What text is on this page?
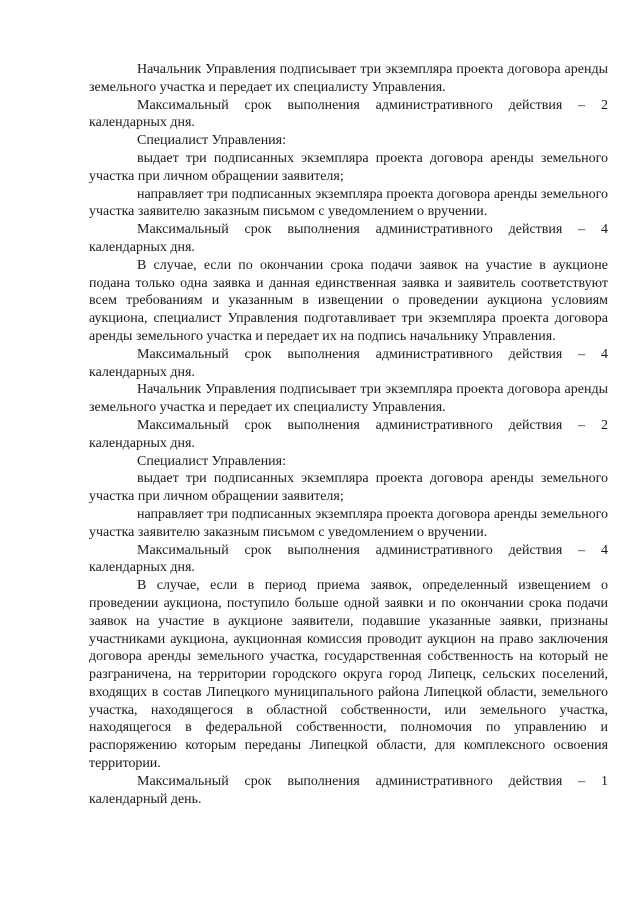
Начальник Управления подписывает три экземпляра проекта договора аренды земельного участка и передает их специалисту Управления.

Максимальный срок выполнения административного действия – 2 календарных дня.

Специалист Управления:

выдает три подписанных экземпляра проекта договора аренды земельного участка при личном обращении заявителя;

направляет три подписанных экземпляра проекта договора аренды земельного участка заявителю заказным письмом с уведомлением о вручении.

Максимальный срок выполнения административного действия – 4 календарных дня.

В случае, если по окончании срока подачи заявок на участие в аукционе подана только одна заявка и данная единственная заявка и заявитель соответствуют всем требованиям и указанным в извещении о проведении аукциона условиям аукциона, специалист Управления подготавливает три экземпляра проекта договора аренды земельного участка и передает их на подпись начальнику Управления.

Максимальный срок выполнения административного действия – 4 календарных дня.

Начальник Управления подписывает три экземпляра проекта договора аренды земельного участка и передает их специалисту Управления.

Максимальный срок выполнения административного действия – 2 календарных дня.

Специалист Управления:

выдает три подписанных экземпляра проекта договора аренды земельного участка при личном обращении заявителя;

направляет три подписанных экземпляра проекта договора аренды земельного участка заявителю заказным письмом с уведомлением о вручении.

Максимальный срок выполнения административного действия – 4 календарных дня.

В случае, если в период приема заявок, определенный извещением о проведении аукциона, поступило больше одной заявки и по окончании срока подачи заявок на участие в аукционе заявители, подавшие указанные заявки, признаны участниками аукциона, аукционная комиссия проводит аукцион на право заключения договора аренды земельного участка, государственная собственность на который не разграничена, на территории городского округа город Липецк, сельских поселений, входящих в состав Липецкого муниципального района Липецкой области, земельного участка, находящегося в областной собственности, или земельного участка, находящегося в федеральной собственности, полномочия по управлению и распоряжению которым переданы Липецкой области, для комплексного освоения территории.

Максимальный срок выполнения административного действия – 1 календарный день.
